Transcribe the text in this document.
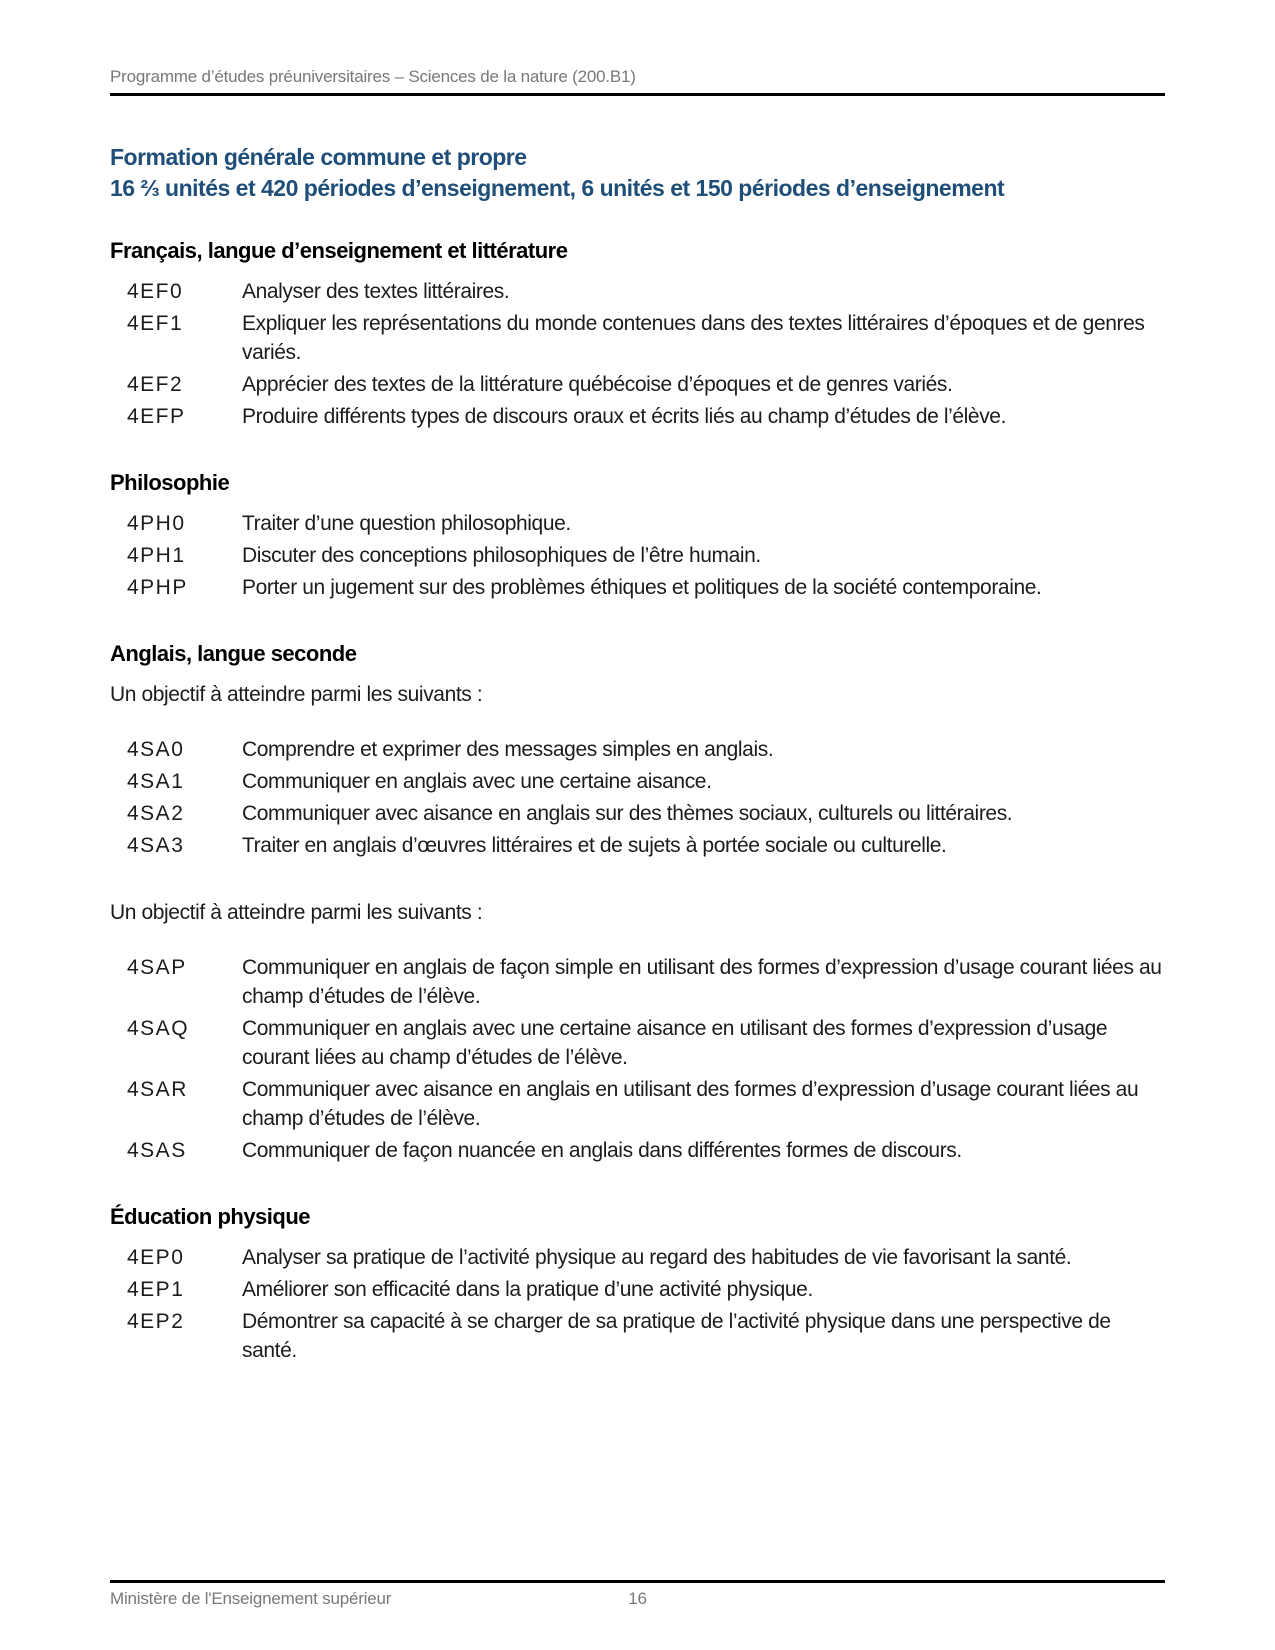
Programme d’études préuniversitaires – Sciences de la nature (200.B1)
Formation générale commune et propre
16 ⅔ unités et 420 périodes d’enseignement, 6 unités et 150 périodes d’enseignement
Français, langue d’enseignement et littérature
4EF0	Analyser des textes littéraires.
4EF1	Expliquer les représentations du monde contenues dans des textes littéraires d’époques et de genres variés.
4EF2	Apprécier des textes de la littérature québécoise d’époques et de genres variés.
4EFP	Produire différents types de discours oraux et écrits liés au champ d’études de l’élève.
Philosophie
4PH0	Traiter d’une question philosophique.
4PH1	Discuter des conceptions philosophiques de l’être humain.
4PHP	Porter un jugement sur des problèmes éthiques et politiques de la société contemporaine.
Anglais, langue seconde

Un objectif à atteindre parmi les suivants :

4SA0	Comprendre et exprimer des messages simples en anglais.
4SA1	Communiquer en anglais avec une certaine aisance.
4SA2	Communiquer avec aisance en anglais sur des thèmes sociaux, culturels ou littéraires.
4SA3	Traiter en anglais d’œuvres littéraires et de sujets à portée sociale ou culturelle.

Un objectif à atteindre parmi les suivants :

4SAP	Communiquer en anglais de façon simple en utilisant des formes d’expression d’usage courant liées au champ d’études de l’élève.
4SAQ	Communiquer en anglais avec une certaine aisance en utilisant des formes d’expression d’usage courant liées au champ d’études de l’élève.
4SAR	Communiquer avec aisance en anglais en utilisant des formes d’expression d’usage courant liées au champ d’études de l’élève.
4SAS	Communiquer de façon nuancée en anglais dans différentes formes de discours.
Éducation physique
4EP0	Analyser sa pratique de l’activité physique au regard des habitudes de vie favorisant la santé.
4EP1	Améliorer son efficacité dans la pratique d’une activité physique.
4EP2	Démontrer sa capacité à se charger de sa pratique de l’activité physique dans une perspective de santé.
Ministère de l'Enseignement supérieur	16
